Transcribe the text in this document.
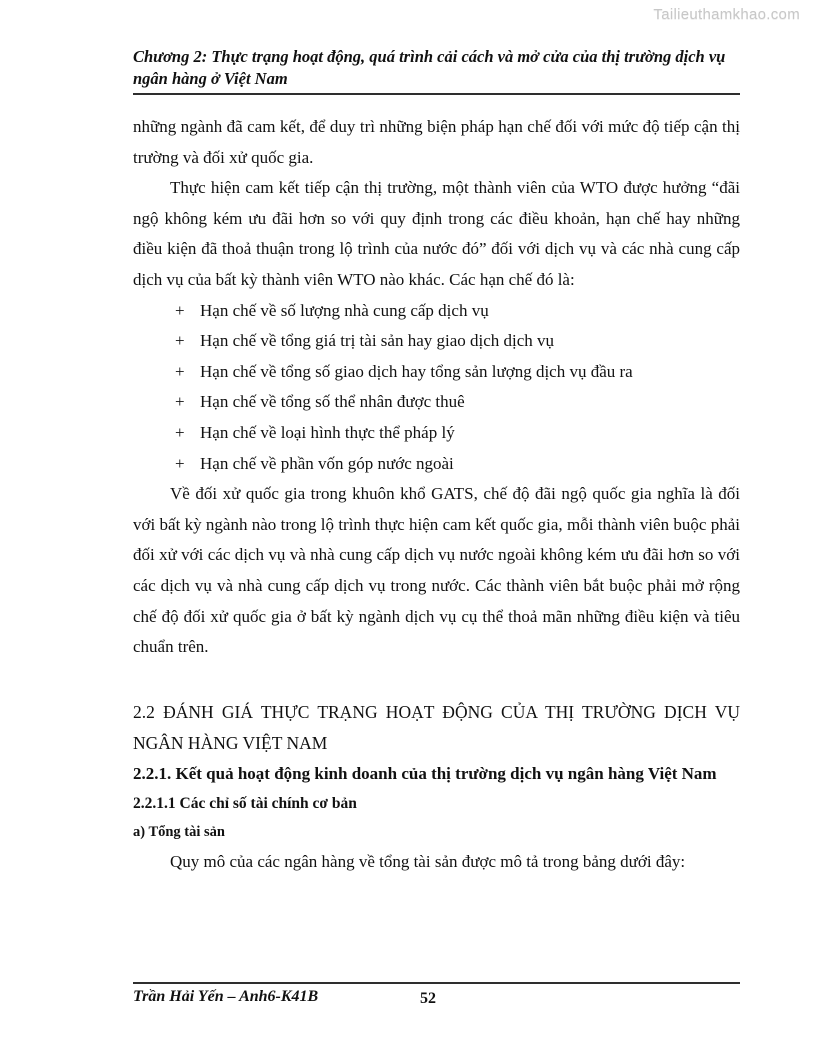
Tailieuthamkhao.com
Chương 2: Thực trạng hoạt động, quá trình cải cách và mở cửa của thị trường dịch vụ
ngân hàng ở Việt Nam

những ngành đã cam kết, để duy trì những biện pháp hạn chế đối với mức độ tiếp cận thị trường và đối xử quốc gia.

Thực hiện cam kết tiếp cận thị trường, một thành viên của WTO được hưởng “đãi ngộ không kém ưu đãi hơn so với quy định trong các điều khoản, hạn chế hay những điều kiện đã thoả thuận trong lộ trình của nước đó” đối với dịch vụ và các nhà cung cấp dịch vụ của bất kỳ thành viên WTO nào khác. Các hạn chế đó là:

+ Hạn chế về số lượng nhà cung cấp dịch vụ
+ Hạn chế về tổng giá trị tài sản hay giao dịch dịch vụ
+ Hạn chế về tổng số giao dịch hay tổng sản lượng dịch vụ đầu ra
+ Hạn chế về tổng số thể nhân được thuê
+ Hạn chế về loại hình thực thể pháp lý
+ Hạn chế về phần vốn góp nước ngoài

Về đối xử quốc gia trong khuôn khổ GATS, chế độ đãi ngộ quốc gia nghĩa là đối với bất kỳ ngành nào trong lộ trình thực hiện cam kết quốc gia, mỗi thành viên buộc phải đối xử với các dịch vụ và nhà cung cấp dịch vụ nước ngoài không kém ưu đãi hơn so với các dịch vụ và nhà cung cấp dịch vụ trong nước. Các thành viên bắt buộc phải mở rộng chế độ đối xử quốc gia ở bất kỳ ngành dịch vụ cụ thể thoả mãn những điều kiện và tiêu chuẩn trên.

2.2 ĐÁNH GIÁ THỰC TRẠNG HOẠT ĐỘNG CỦA THỊ TRƯỜNG DỊCH VỤ
NGÂN HÀNG VIỆT NAM
2.2.1. Kết quả hoạt động kinh doanh của thị trường dịch vụ ngân hàng Việt Nam
2.2.1.1 Các chỉ số tài chính cơ bản
a) Tổng tài sản

Quy mô của các ngân hàng về tổng tài sản được mô tả trong bảng dưới đây:

Trần Hải Yến – Anh6-K41B	52
